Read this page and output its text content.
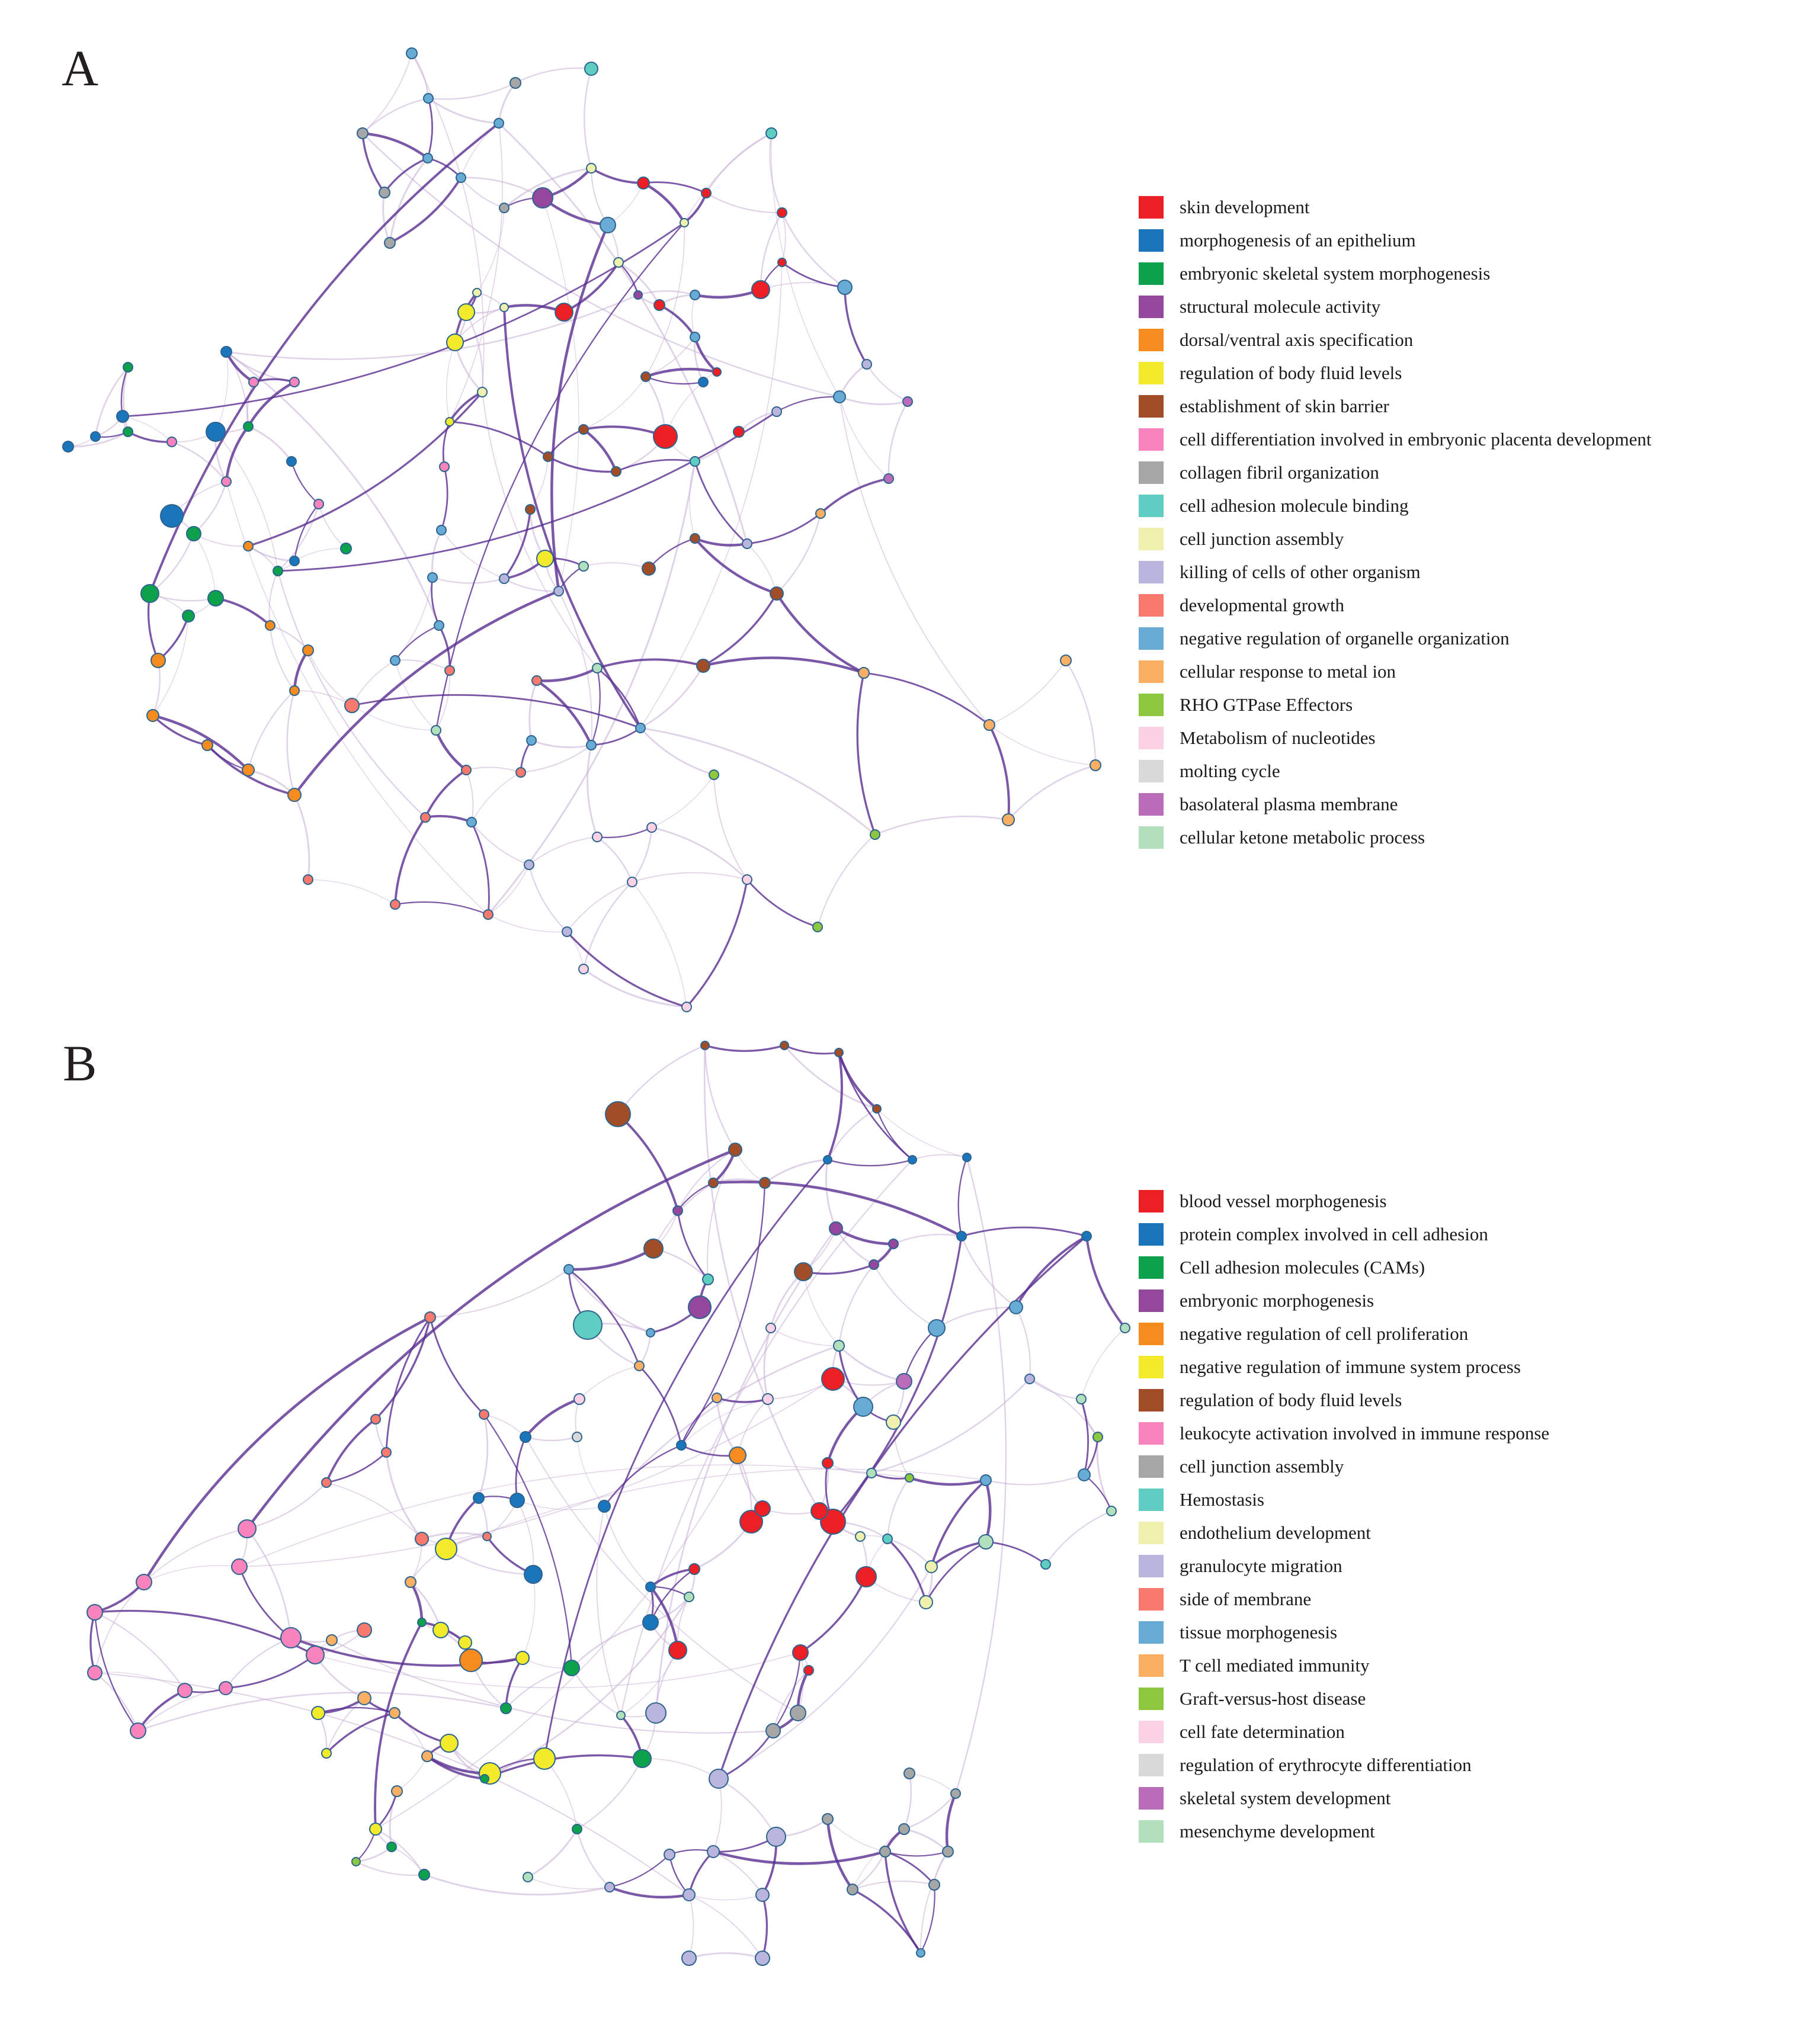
A
B
skin development
morphogenesis of an epithelium
embryonic skeletal system morphogenesis
structural molecule activity
dorsal/ventral axis specification
regulation of body fluid levels
establishment of skin barrier
cell differentiation involved in embryonic placenta development
collagen fibril organization
cell adhesion molecule binding
cell junction assembly
killing of cells of other organism
developmental growth
negative regulation of organelle organization
cellular response to metal ion
RHO GTPase Effectors
Metabolism of nucleotides
molting cycle
basolateral plasma membrane
cellular ketone metabolic process
blood vessel morphogenesis
protein complex involved in cell adhesion
Cell adhesion molecules (CAMs)
embryonic morphogenesis
negative regulation of cell proliferation
negative regulation of immune system process
regulation of body fluid levels
leukocyte activation involved in immune response
cell junction assembly
Hemostasis
endothelium development
granulocyte migration
side of membrane
tissue morphogenesis
T cell mediated immunity
Graft-versus-host disease
cell fate determination
regulation of erythrocyte differentiation
skeletal system development
mesenchyme development
